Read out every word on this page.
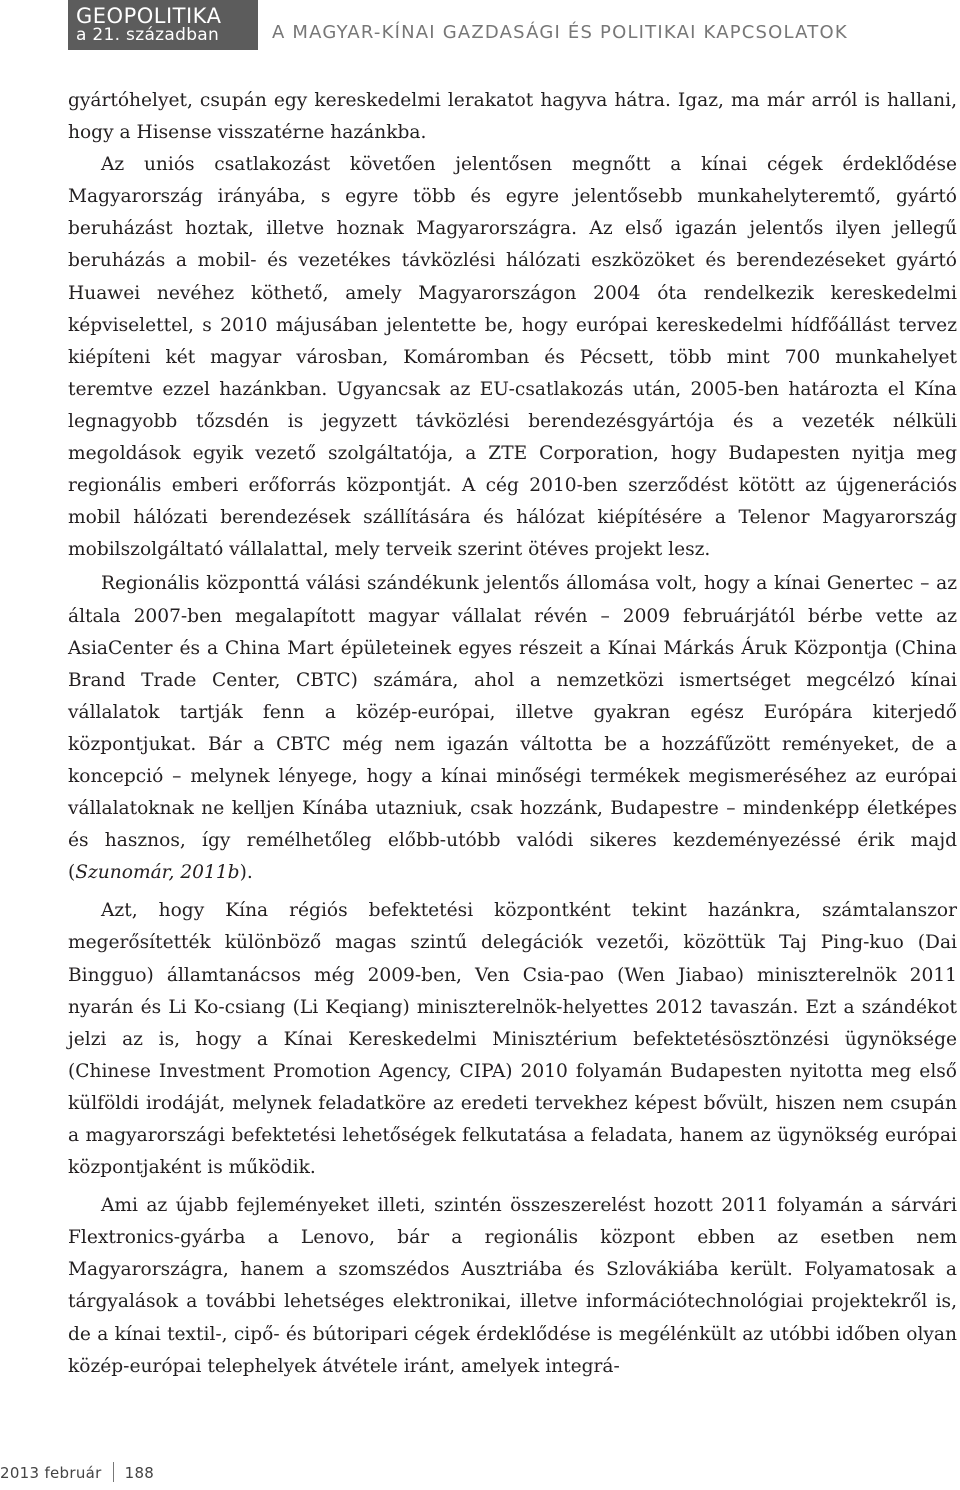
GEOPOLITIKA
a 21. században	A MAGYAR-KÍNAI GAZDASÁGI ÉS POLITIKAI KAPCSOLATOK

gyártóhelyet, csupán egy kereskedelmi lerakatot hagyva hátra. Igaz, ma már arról is hallani, hogy a Hisense visszatérne hazánkba.

Az uniós csatlakozást követően jelentősen megnőtt a kínai cégek érdeklődése Magyarország irányába, s egyre több és egyre jelentősebb munkahelyteremtő, gyártó beruházást hoztak, illetve hoznak Magyarországra. Az első igazán jelentős ilyen jellegű beruházás a mobil- és vezetékes távközlési hálózati eszközöket és berendezéseket gyártó Huawei nevéhez köthető, amely Magyarországon 2004 óta rendelkezik kereskedelmi képviselettel, s 2010 májusában jelentette be, hogy európai kereskedelmi hídfőállást tervez kiépíteni két magyar városban, Komáromban és Pécsett, több mint 700 munkahelyet teremtve ezzel hazánkban. Ugyancsak az EU-csatlakozás után, 2005-ben határozta el Kína legnagyobb tőzsdén is jegyzett távközlési berendezésgyártója és a vezeték nélküli megoldások egyik vezető szolgáltatója, a ZTE Corporation, hogy Budapesten nyitja meg regionális emberi erőforrás központját. A cég 2010-ben szerződést kötött az újgenerációs mobil hálózati berendezések szállítására és hálózat kiépítésére a Telenor Magyarország mobilszolgáltató vállalattal, mely terveik szerint ötéves projekt lesz.

Regionális központtá válási szándékunk jelentős állomása volt, hogy a kínai Genertec – az általa 2007-ben megalapított magyar vállalat révén – 2009 februárjától bérbe vette az AsiaCenter és a China Mart épületeinek egyes részeit a Kínai Márkás Áruk Központja (China Brand Trade Center, CBTC) számára, ahol a nemzetközi ismertséget megcélzó kínai vállalatok tartják fenn a közép-európai, illetve gyakran egész Európára kiterjedő központjukat. Bár a CBTC még nem igazán váltotta be a hozzáfűzött reményeket, de a koncepció – melynek lényege, hogy a kínai minőségi termékek megismeréséhez az európai vállalatoknak ne kelljen Kínába utazniuk, csak hozzánk, Budapestre – mindenképp életképes és hasznos, így remélhetőleg előbb-utóbb valódi sikeres kezdeményezéssé érik majd (Szunomár, 2011b).

Azt, hogy Kína régiós befektetési központként tekint hazánkra, számtalanszor megerősítették különböző magas szintű delegációk vezetői, közöttük Taj Ping-kuo (Dai Bingguo) államtanácsos még 2009-ben, Ven Csia-pao (Wen Jiabao) miniszterelnök 2011 nyarán és Li Ko-csiang (Li Keqiang) miniszterelnök-helyettes 2012 tavaszán. Ezt a szándékot jelzi az is, hogy a Kínai Kereskedelmi Minisztérium befektetésösztönzési ügynöksége (Chinese Investment Promotion Agency, CIPA) 2010 folyamán Budapesten nyitotta meg első külföldi irodáját, melynek feladatköre az eredeti tervekhez képest bővült, hiszen nem csupán a magyarországi befektetési lehetőségek felkutatása a feladata, hanem az ügynökség európai központjaként is működik.

Ami az újabb fejleményeket illeti, szintén összeszerelést hozott 2011 folyamán a sárvári Flextronics-gyárba a Lenovo, bár a regionális központ ebben az esetben nem Magyarországra, hanem a szomszédos Ausztriába és Szlovákiába került. Folyamatosak a tárgyalások a további lehetséges elektronikai, illetve információtechnológiai projektekről is, de a kínai textil-, cipő- és bútoripari cégek érdeklődése is megélénkült az utóbbi időben olyan közép-európai telephelyek átvétele iránt, amelyek integrá-

2013 február 188
